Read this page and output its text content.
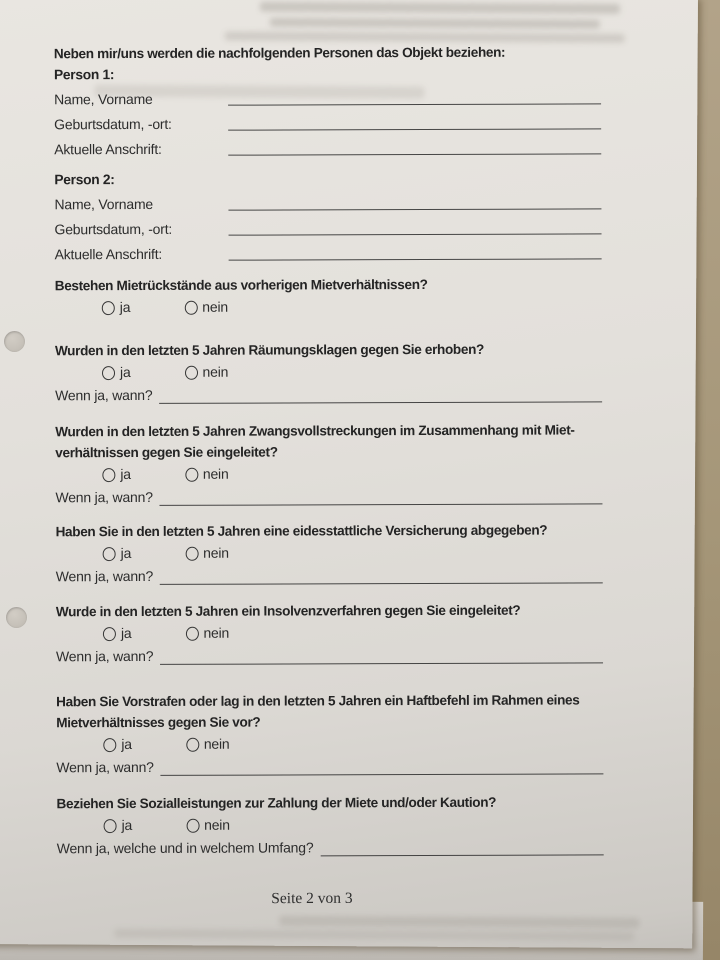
Neben mir/uns werden die nachfolgenden Personen das Objekt beziehen:
Person 1:
Name, Vorname
Geburtsdatum, -ort:
Aktuelle Anschrift:
Person 2:
Name, Vorname
Geburtsdatum, -ort:
Aktuelle Anschrift:
Bestehen Mietrückstände aus vorherigen Mietverhältnissen?
ja	nein
Wurden in den letzten 5 Jahren Räumungsklagen gegen Sie erhoben?
ja	nein
Wenn ja, wann?
Wurden in den letzten 5 Jahren Zwangsvollstreckungen im Zusammenhang mit Miet-
verhältnissen gegen Sie eingeleitet?
ja	nein
Wenn ja, wann?
Haben Sie in den letzten 5 Jahren eine eidesstattliche Versicherung abgegeben?
ja	nein
Wenn ja, wann?
Wurde in den letzten 5 Jahren ein Insolvenzverfahren gegen Sie eingeleitet?
ja	nein
Wenn ja, wann?
Haben Sie Vorstrafen oder lag in den letzten 5 Jahren ein Haftbefehl im Rahmen eines
Mietverhältnisses gegen Sie vor?
ja	nein
Wenn ja, wann?
Beziehen Sie Sozialleistungen zur Zahlung der Miete und/oder Kaution?
ja	nein
Wenn ja, welche und in welchem Umfang?
Seite 2 von 3
